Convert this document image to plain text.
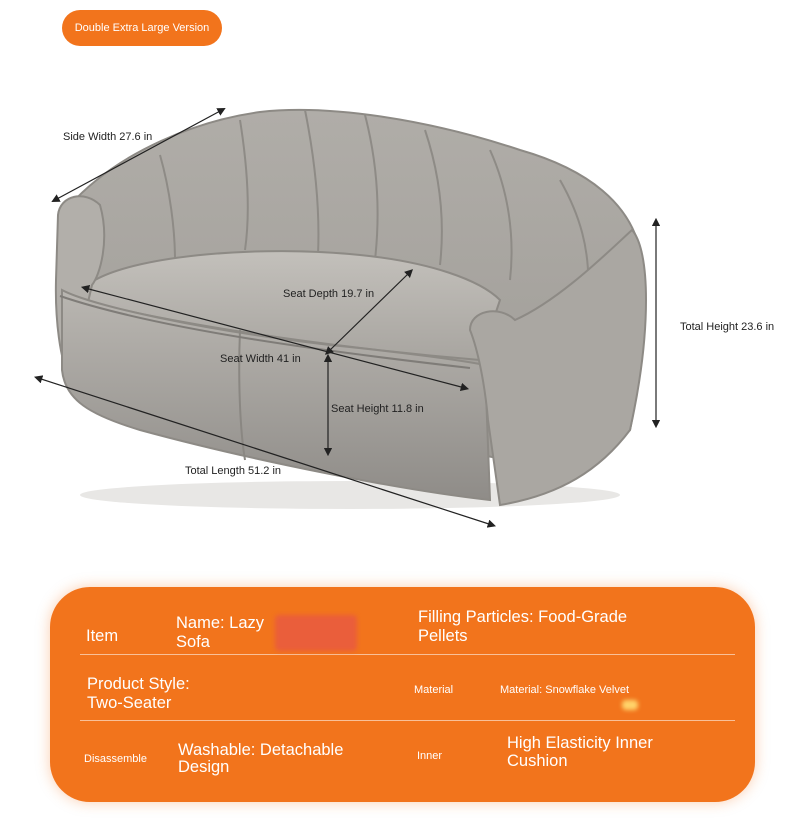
Double Extra Large Version
Side Width 27.6 in
Seat Depth 19.7 in
Seat Width 41 in
Seat Height 11.8 in
Total Length 51.2 in
Total Height 23.6 in
Item
Name: Lazy
Sofa
Filling Particles: Food-Grade
Pellets
Product Style:
Two-Seater
Material	Material: Snowflake Velvet
Disassemble Washable: Detachable
Design
Inner
High Elasticity Inner
Cushion
